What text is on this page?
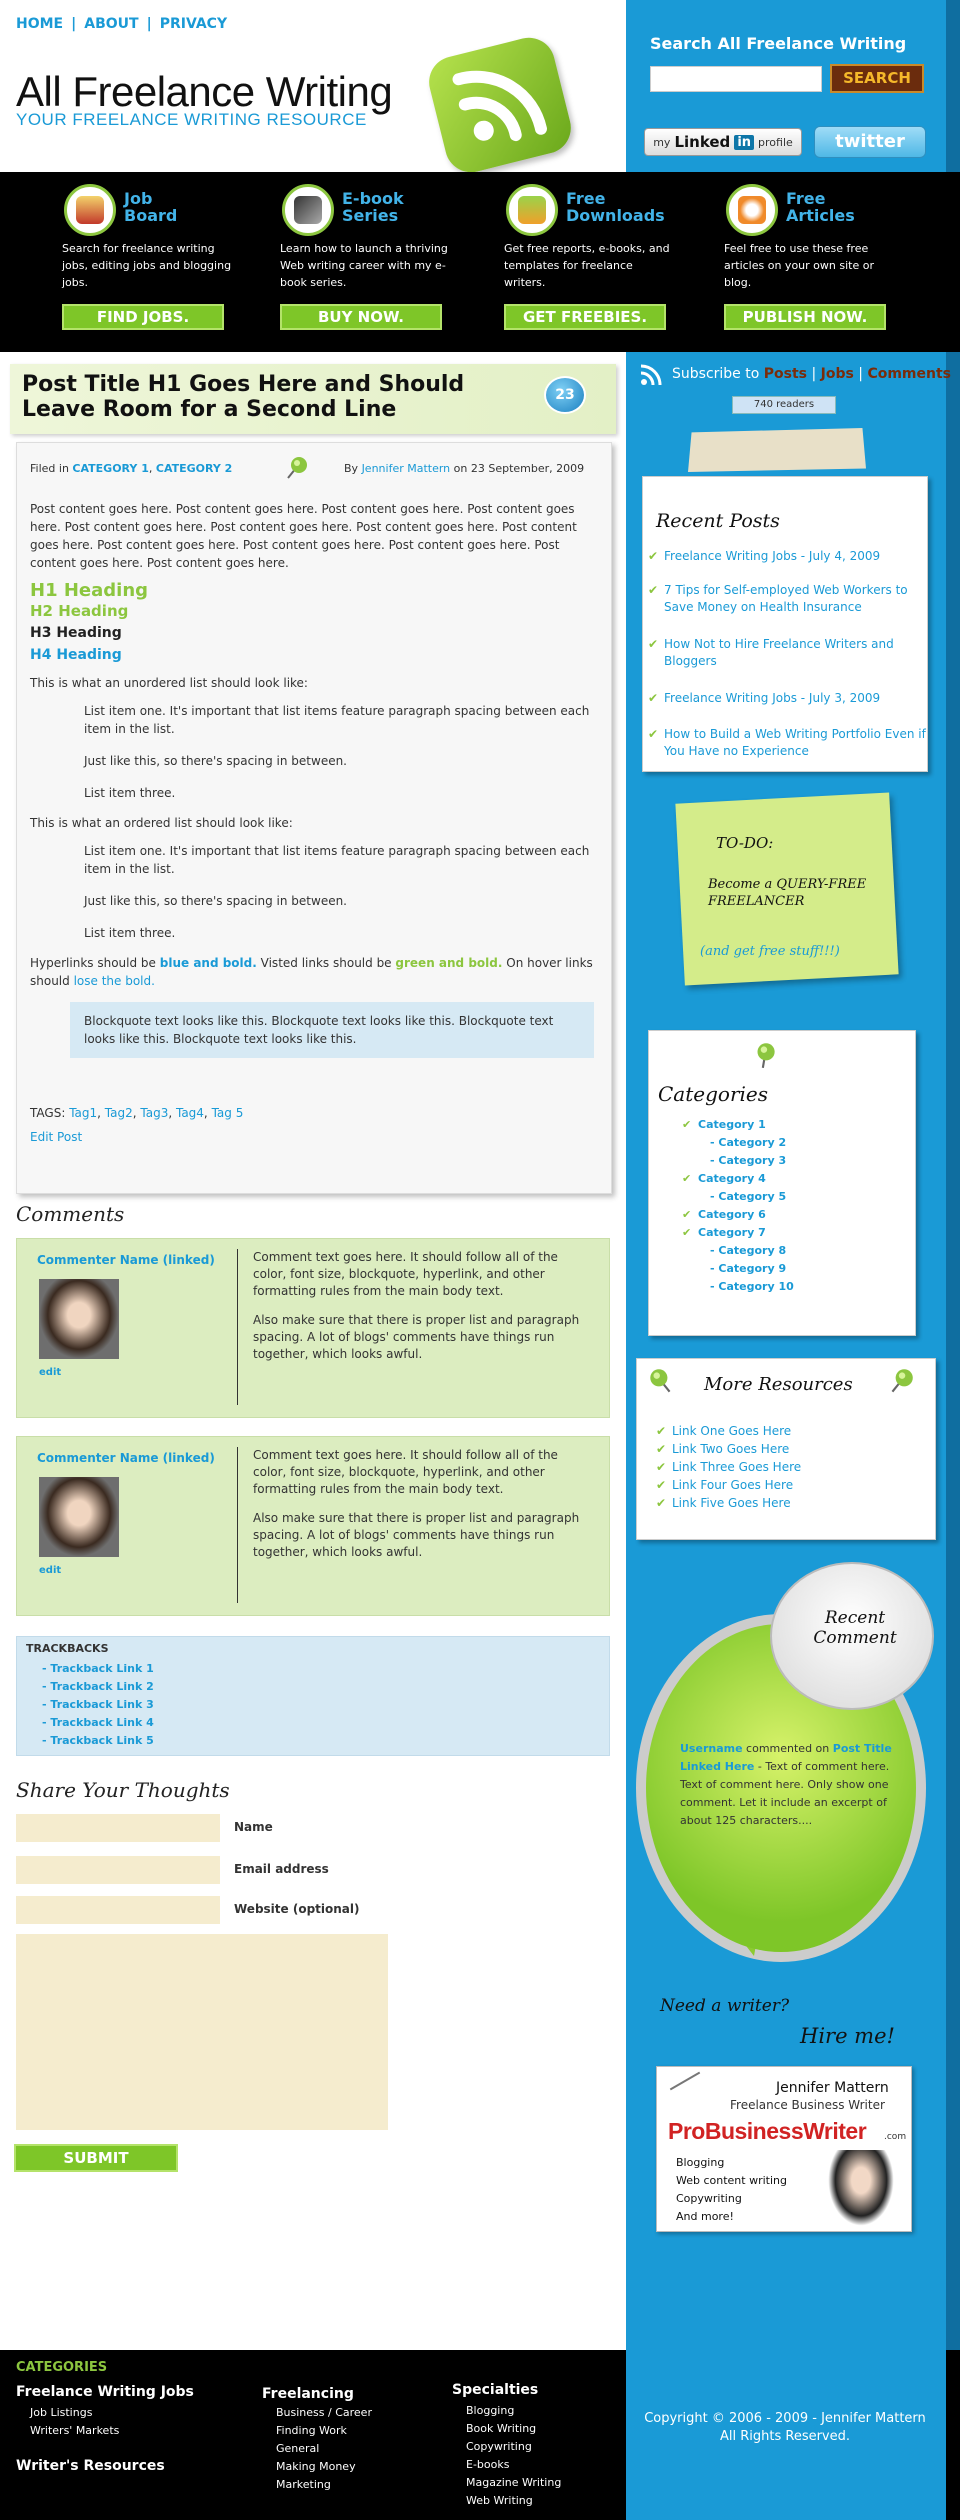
HOME | ABOUT | PRIVACY
All Freelance Writing
YOUR FREELANCE WRITING RESOURCE
Search All Freelance Writing
SEARCH
my Linked in profile	twitter
Job Board
Search for freelance writing jobs, editing jobs and blogging jobs.
FIND JOBS.
E-book Series
Learn how to launch a thriving Web writing career with my e-book series.
BUY NOW.
Free Downloads
Get free reports, e-books, and templates for freelance writers.
GET FREEBIES.
Free Articles
Feel free to use these free articles on your own site or blog.
PUBLISH NOW.
Post Title H1 Goes Here and Should Leave Room for a Second Line
23
Filed in CATEGORY 1, CATEGORY 2	By Jennifer Mattern on 23 September, 2009

Post content goes here. Post content goes here. Post content goes here. Post content goes here. Post content goes here. Post content goes here. Post content goes here. Post content goes here. Post content goes here. Post content goes here. Post content goes here. Post content goes here. Post content goes here.

H1 Heading
H2 Heading
H3 Heading
H4 Heading

This is what an unordered list should look like:

List item one. It's important that list items feature paragraph spacing between each item in the list.

Just like this, so there's spacing in between.

List item three.

This is what an ordered list should look like:

List item one. It's important that list items feature paragraph spacing between each item in the list.

Just like this, so there's spacing in between.

List item three.

Hyperlinks should be blue and bold. Visted links should be green and bold. On hover links should lose the bold.

Blockquote text looks like this. Blockquote text looks like this. Blockquote text looks like this. Blockquote text looks like this.
TAGS: Tag1, Tag2, Tag3, Tag4, Tag 5
Edit Post
Comments
Commenter Name (linked)
edit

Comment text goes here. It should follow all of the color, font size, blockquote, hyperlink, and other formatting rules from the main body text.

Also make sure that there is proper list and paragraph spacing. A lot of blogs' comments have things run together, which looks awful.

Commenter Name (linked)
edit

Comment text goes here. It should follow all of the color, font size, blockquote, hyperlink, and other formatting rules from the main body text.

Also make sure that there is proper list and paragraph spacing. A lot of blogs' comments have things run together, which looks awful.

TRACKBACKS
- Trackback Link 1
- Trackback Link 2
- Trackback Link 3
- Trackback Link 4
- Trackback Link 5
Share Your Thoughts
Name
Email address
Website (optional)
SUBMIT
Subscribe to Posts | Jobs | Comments
740 readers
Recent Posts
✔ Freelance Writing Jobs - July 4, 2009
✔ 7 Tips for Self-employed Web Workers to Save Money on Health Insurance
✔ How Not to Hire Freelance Writers and Bloggers
✔ Freelance Writing Jobs - July 3, 2009
✔ How to Build a Web Writing Portfolio Even if You Have no Experience
TO-DO:
Become a QUERY-FREE FREELANCER
(and get free stuff!!!)
Categories
✔ Category 1
- Category 2
- Category 3
✔ Category 4
- Category 5
✔ Category 6
✔ Category 7
- Category 8
- Category 9
- Category 10
More Resources
✔ Link One Goes Here
✔ Link Two Goes Here
✔ Link Three Goes Here
✔ Link Four Goes Here
✔ Link Five Goes Here
Recent Comment
Username commented on Post Title Linked Here - Text of comment here. Text of comment here. Only show one comment. Let it include an excerpt of about 125 characters....
Need a writer?
Hire me!
Jennifer Mattern
Freelance Business Writer
ProBusinessWriter .com
Blogging
Web content writing
Copywriting
And more!
CATEGORIES
Freelance Writing Jobs
Job Listings
Writers' Markets
Writer's Resources
Freelancing
Business / Career
Finding Work
General
Making Money
Marketing
Specialties
Blogging
Book Writing
Copywriting
E-books
Magazine Writing
Web Writing
Copyright © 2006 - 2009 - Jennifer Mattern All Rights Reserved.
